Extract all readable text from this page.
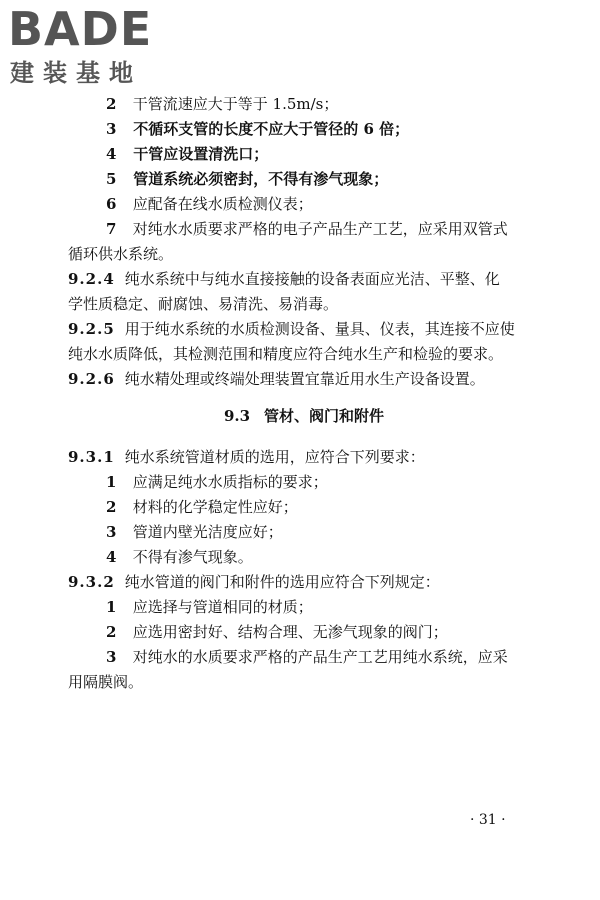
BADE
建装基地
2 干管流速应大于等于 1.5m/s；
3 不循环支管的长度不应大于管径的 6 倍；
4 干管应设置清洗口；
5 管道系统必须密封，不得有渗气现象；
6 应配备在线水质检测仪表；
7 对纯水水质要求严格的电子产品生产工艺，应采用双管式
循环供水系统。
9.2.4 纯水系统中与纯水直接接触的设备表面应光洁、平整、化
学性质稳定、耐腐蚀、易清洗、易消毒。
9.2.5 用于纯水系统的水质检测设备、量具、仪表，其连接不应使
纯水水质降低，其检测范围和精度应符合纯水生产和检验的要求。
9.2.6 纯水精处理或终端处理装置宜靠近用水生产设备设置。
9.3 管材、阀门和附件
9.3.1 纯水系统管道材质的选用，应符合下列要求：
1 应满足纯水水质指标的要求；
2 材料的化学稳定性应好；
3 管道内壁光洁度应好；
4 不得有渗气现象。
9.3.2 纯水管道的阀门和附件的选用应符合下列规定：
1 应选择与管道相同的材质；
2 应选用密封好、结构合理、无渗气现象的阀门；
3 对纯水的水质要求严格的产品生产工艺用纯水系统，应采
用隔膜阀。
· 31 ·
